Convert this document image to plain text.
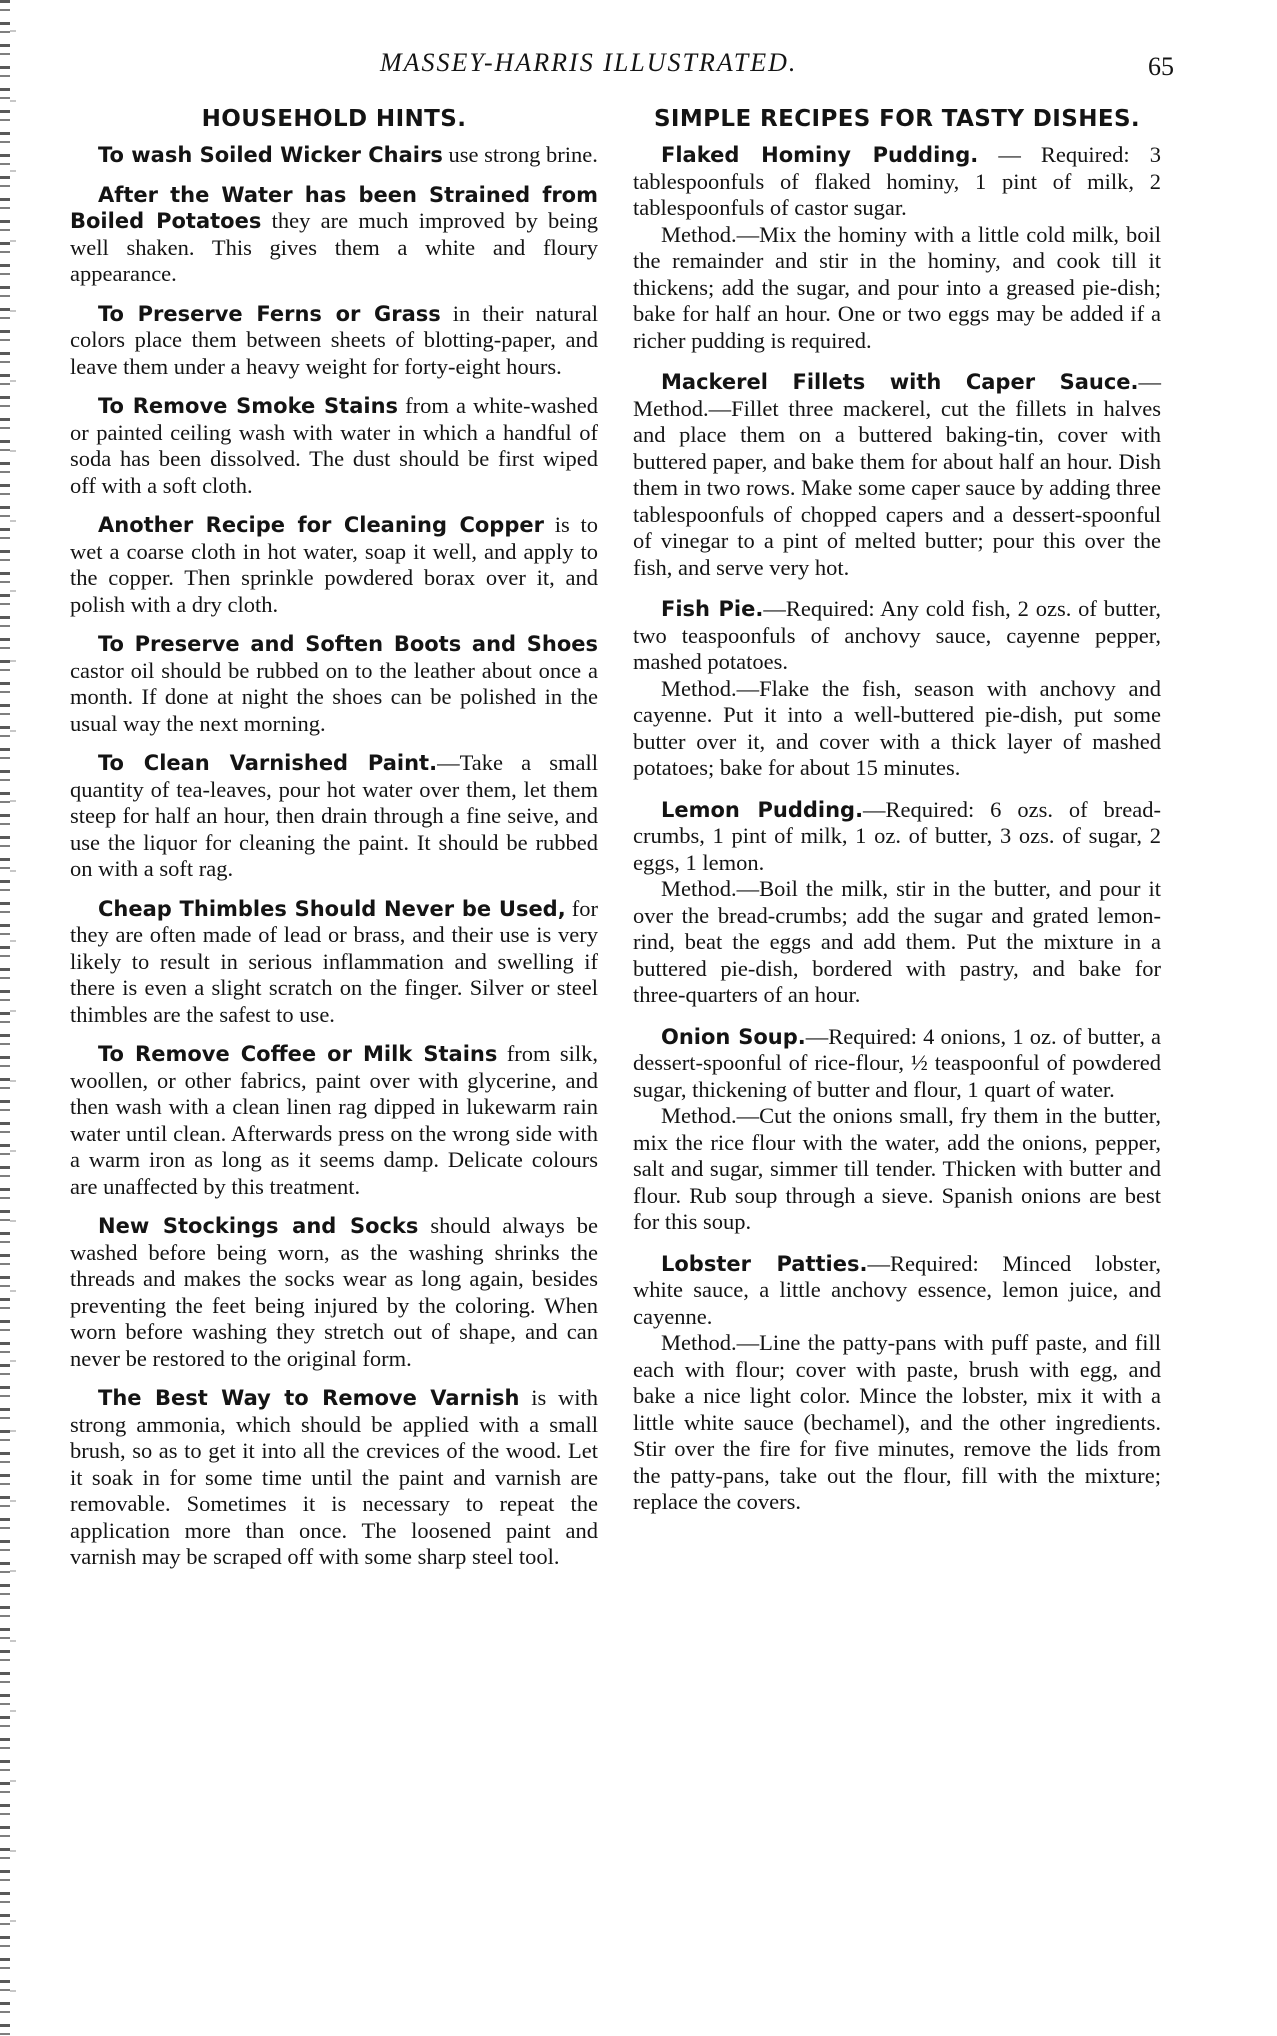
MASSEY-HARRIS ILLUSTRATED.	65
HOUSEHOLD HINTS.

To wash Soiled Wicker Chairs use strong brine.

After the Water has been Strained from Boiled Potatoes they are much improved by being well shaken. This gives them a white and floury appearance.

To Preserve Ferns or Grass in their natural colors place them between sheets of blotting-paper, and leave them under a heavy weight for forty-eight hours.

To Remove Smoke Stains from a white-washed or painted ceiling wash with water in which a handful of soda has been dissolved. The dust should be first wiped off with a soft cloth.

Another Recipe for Cleaning Copper is to wet a coarse cloth in hot water, soap it well, and apply to the copper. Then sprinkle powdered borax over it, and polish with a dry cloth.

To Preserve and Soften Boots and Shoes castor oil should be rubbed on to the leather about once a month. If done at night the shoes can be polished in the usual way the next morning.

To Clean Varnished Paint.—Take a small quantity of tea-leaves, pour hot water over them, let them steep for half an hour, then drain through a fine seive, and use the liquor for cleaning the paint. It should be rubbed on with a soft rag.

Cheap Thimbles Should Never be Used, for they are often made of lead or brass, and their use is very likely to result in serious inflammation and swelling if there is even a slight scratch on the finger. Silver or steel thimbles are the safest to use.

To Remove Coffee or Milk Stains from silk, woollen, or other fabrics, paint over with glycerine, and then wash with a clean linen rag dipped in lukewarm rain water until clean. Afterwards press on the wrong side with a warm iron as long as it seems damp. Delicate colours are unaffected by this treatment.

New Stockings and Socks should always be washed before being worn, as the washing shrinks the threads and makes the socks wear as long again, besides preventing the feet being injured by the coloring. When worn before washing they stretch out of shape, and can never be restored to the original form.

The Best Way to Remove Varnish is with strong ammonia, which should be applied with a small brush, so as to get it into all the crevices of the wood. Let it soak in for some time until the paint and varnish are removable. Sometimes it is necessary to repeat the application more than once. The loosened paint and varnish may be scraped off with some sharp steel tool.

SIMPLE RECIPES FOR TASTY DISHES.

Flaked Hominy Pudding. — Required: 3 tablespoonfuls of flaked hominy, 1 pint of milk, 2 tablespoonfuls of castor sugar.
Method.—Mix the hominy with a little cold milk, boil the remainder and stir in the hominy, and cook till it thickens; add the sugar, and pour into a greased pie-dish; bake for half an hour. One or two eggs may be added if a richer pudding is required.

Mackerel Fillets with Caper Sauce.—Method.—Fillet three mackerel, cut the fillets in halves and place them on a buttered baking-tin, cover with buttered paper, and bake them for about half an hour. Dish them in two rows. Make some caper sauce by adding three tablespoonfuls of chopped capers and a dessert-spoonful of vinegar to a pint of melted butter; pour this over the fish, and serve very hot.

Fish Pie.—Required: Any cold fish, 2 ozs. of butter, two teaspoonfuls of anchovy sauce, cayenne pepper, mashed potatoes.
Method.—Flake the fish, season with anchovy and cayenne. Put it into a well-buttered pie-dish, put some butter over it, and cover with a thick layer of mashed potatoes; bake for about 15 minutes.

Lemon Pudding.—Required: 6 ozs. of bread-crumbs, 1 pint of milk, 1 oz. of butter, 3 ozs. of sugar, 2 eggs, 1 lemon.
Method.—Boil the milk, stir in the butter, and pour it over the bread-crumbs; add the sugar and grated lemon-rind, beat the eggs and add them. Put the mixture in a buttered pie-dish, bordered with pastry, and bake for three-quarters of an hour.

Onion Soup.—Required: 4 onions, 1 oz. of butter, a dessert-spoonful of rice-flour, ½ teaspoonful of powdered sugar, thickening of butter and flour, 1 quart of water.
Method.—Cut the onions small, fry them in the butter, mix the rice flour with the water, add the onions, pepper, salt and sugar, simmer till tender. Thicken with butter and flour. Rub soup through a sieve. Spanish onions are best for this soup.

Lobster Patties.—Required: Minced lobster, white sauce, a little anchovy essence, lemon juice, and cayenne.
Method.—Line the patty-pans with puff paste, and fill each with flour; cover with paste, brush with egg, and bake a nice light color. Mince the lobster, mix it with a little white sauce (bechamel), and the other ingredients. Stir over the fire for five minutes, remove the lids from the patty-pans, take out the flour, fill with the mixture; replace the covers.
